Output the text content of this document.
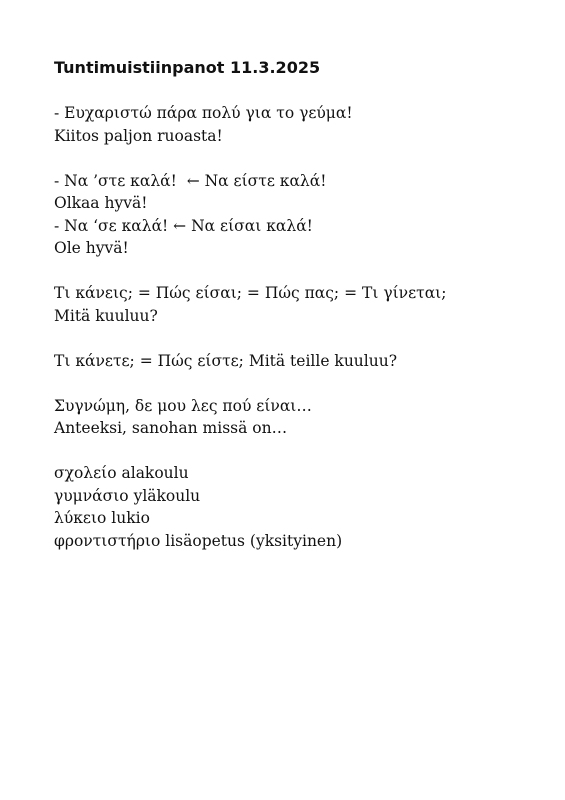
Tuntimuistiinpanot 11.3.2025
- Ευχαριστώ πάρα πολύ για το γεύμα!
Kiitos paljon ruoasta!
- Να ’στε καλά!  ← Να είστε καλά!
Olkaa hyvä!
- Να ‘σε καλά! ← Να είσαι καλά!
Ole hyvä!
Τι κάνεις; = Πώς είσαι; = Πώς πας; = Τι γίνεται;
Mitä kuuluu?
Τι κάνετε; = Πώς είστε; Mitä teille kuuluu?
Συγνώμη, δε μου λες πού είναι…
Anteeksi, sanohan missä on…
σχολείο alakoulu
γυμνάσιο yläkoulu
λύκειο lukio
φροντιστήριο lisäopetus (yksityinen)
